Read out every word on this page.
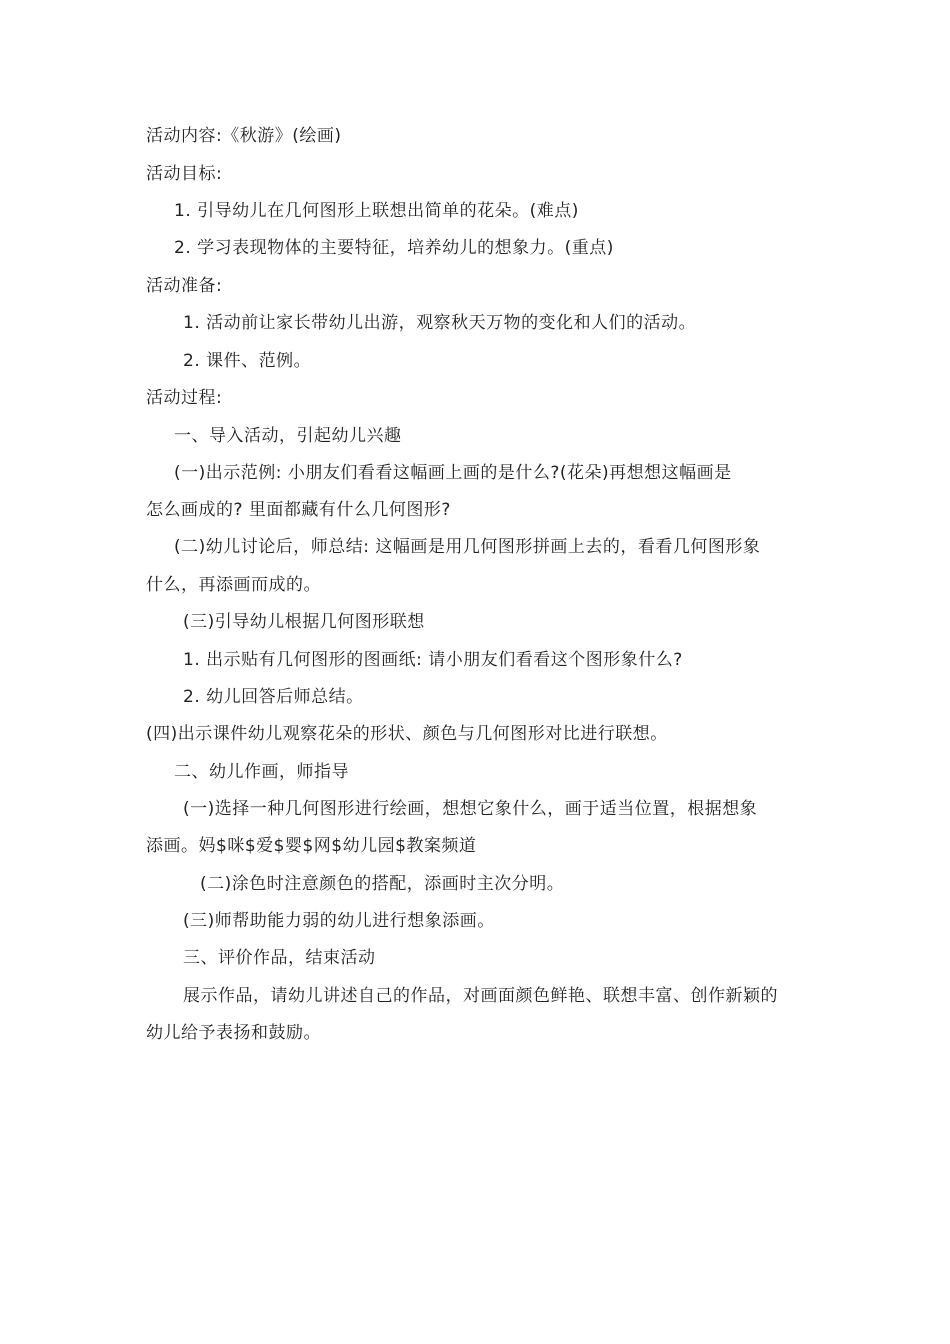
活动内容:《秋游》(绘画)
活动目标:
1. 引导幼儿在几何图形上联想出简单的花朵。(难点)
2. 学习表现物体的主要特征，培养幼儿的想象力。(重点)
活动准备:
1. 活动前让家长带幼儿出游，观察秋天万物的变化和人们的活动。
2. 课件、范例。
活动过程:
一、导入活动，引起幼儿兴趣
(一)出示范例: 小朋友们看看这幅画上画的是什么?(花朵)再想想这幅画是
怎么画成的? 里面都藏有什么几何图形?
(二)幼儿讨论后，师总结: 这幅画是用几何图形拼画上去的，看看几何图形象
什么，再添画而成的。
(三)引导幼儿根据几何图形联想
1. 出示贴有几何图形的图画纸: 请小朋友们看看这个图形象什么?
2. 幼儿回答后师总结。
(四)出示课件幼儿观察花朵的形状、颜色与几何图形对比进行联想。
二、幼儿作画，师指导
(一)选择一种几何图形进行绘画，想想它象什么，画于适当位置，根据想象
添画。妈$咪$爱$婴$网$幼儿园$教案频道
(二)涂色时注意颜色的搭配，添画时主次分明。
(三)师帮助能力弱的幼儿进行想象添画。
三、评价作品，结束活动
展示作品，请幼儿讲述自己的作品，对画面颜色鲜艳、联想丰富、创作新颖的
幼儿给予表扬和鼓励。
